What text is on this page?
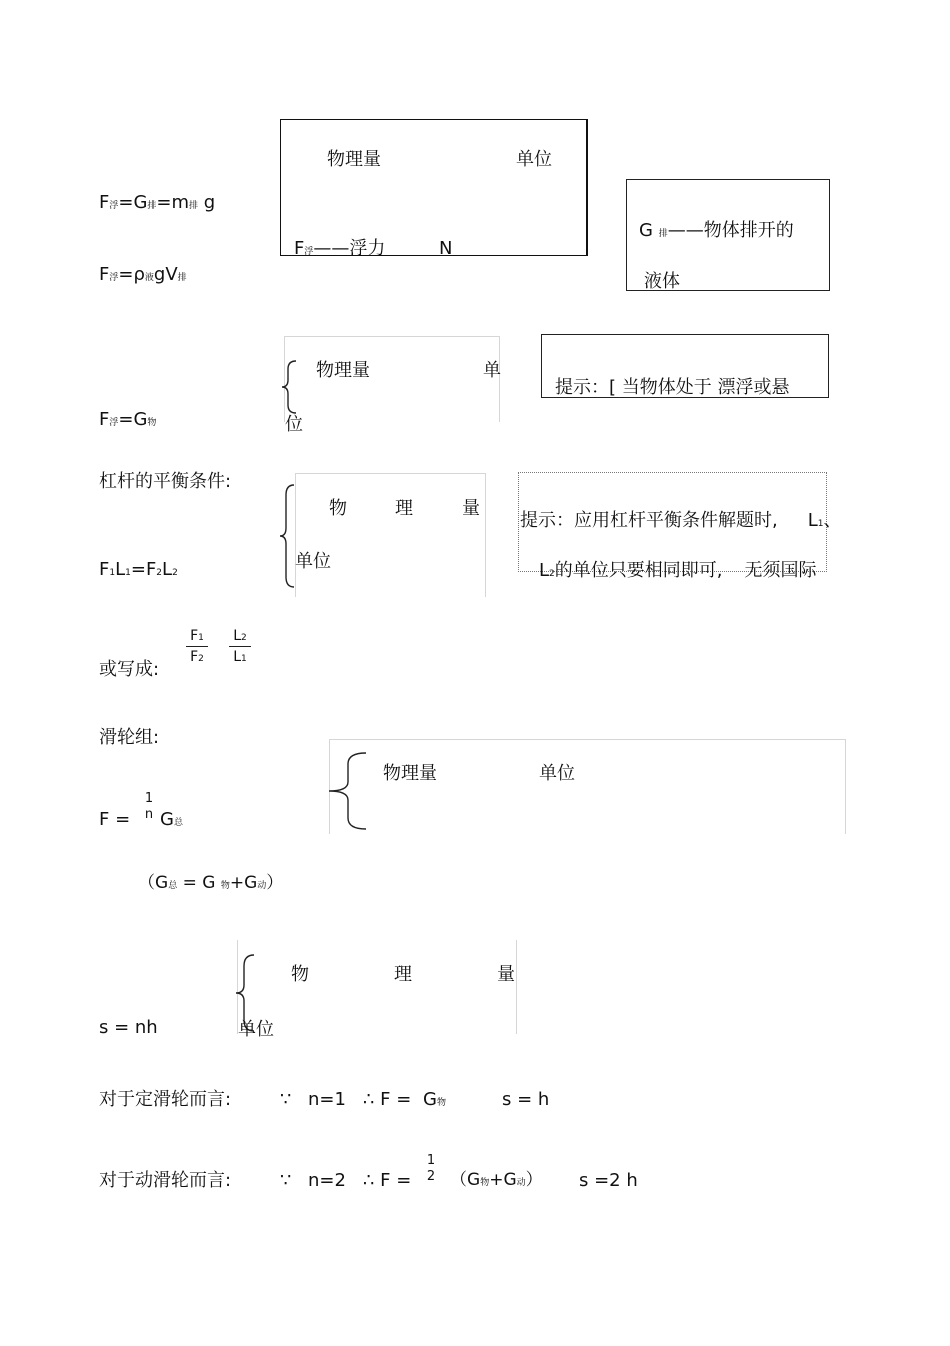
F浮=G排=m排 g
F浮=ρ液gV排
物理量	单位
F浮——浮力	N
G 排——物体排开的
液体
F浮=G物
物理量	单
位
提示：[ 当物体处于 漂浮或悬
杠杆的平衡条件:
F1L1=F2L2
物	理	量
单位
提示：应用杠杆平衡条件解题时, L1、
L2的单位只要相同即可, 无须国际
或写成:
F1
F2
L2
L1
滑轮组:
物理量	单位
F =
1
n G总
（G总 = G 物+G动）
s = nh
物	理	量
单位
对于定滑轮而言:	∵ n=1 ∴ F = G物	s = h
对于动滑轮而言:	∵ n=2 ∴ F =
1
2 （G物+G动） s =2 h
